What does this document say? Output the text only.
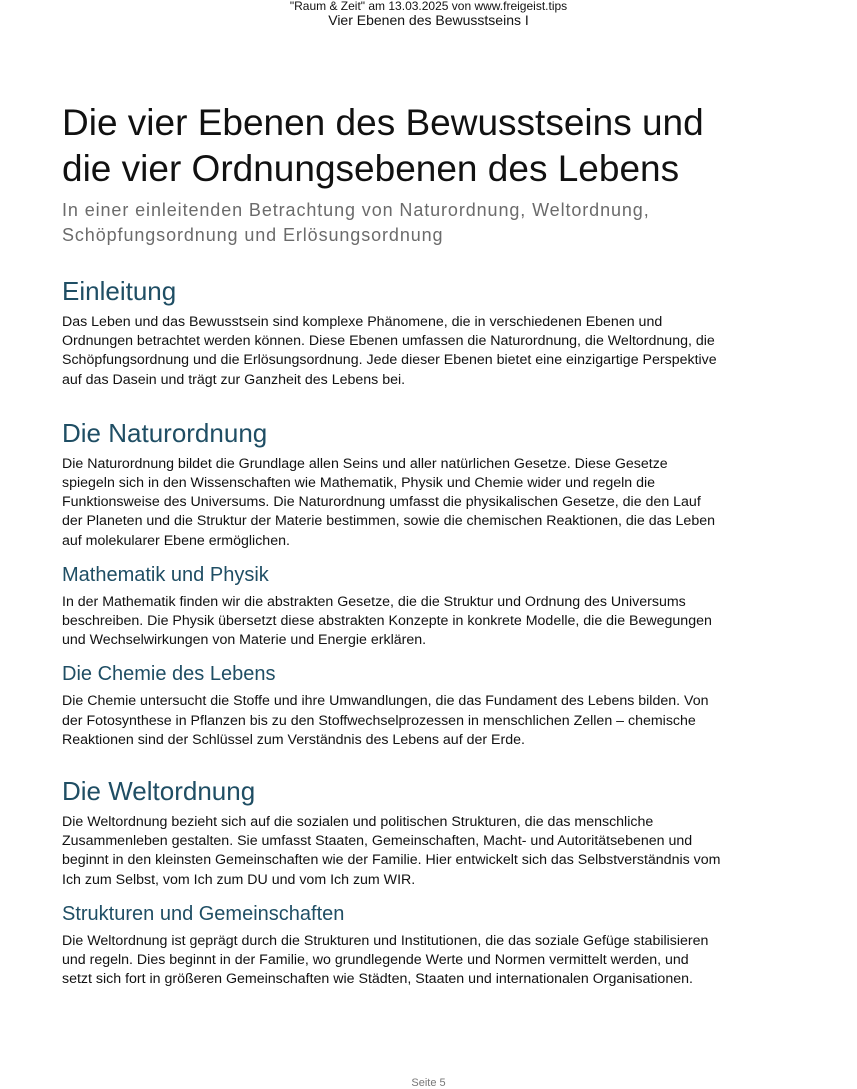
"Raum & Zeit" am 13.03.2025 von www.freigeist.tips
Vier Ebenen des Bewusstseins I
Die vier Ebenen des Bewusstseins und
die vier Ordnungsebenen des Lebens
In einer einleitenden Betrachtung von Naturordnung, Weltordnung,
Schöpfungsordnung und Erlösungsordnung
Einleitung

Das Leben und das Bewusstsein sind komplexe Phänomene, die in verschiedenen Ebenen und Ordnungen betrachtet werden können. Diese Ebenen umfassen die Naturordnung, die Weltordnung, die Schöpfungsordnung und die Erlösungsordnung. Jede dieser Ebenen bietet eine einzigartige Perspektive auf das Dasein und trägt zur Ganzheit des Lebens bei.

Die Naturordnung

Die Naturordnung bildet die Grundlage allen Seins und aller natürlichen Gesetze. Diese Gesetze spiegeln sich in den Wissenschaften wie Mathematik, Physik und Chemie wider und regeln die Funktionsweise des Universums. Die Naturordnung umfasst die physikalischen Gesetze, die den Lauf der Planeten und die Struktur der Materie bestimmen, sowie die chemischen Reaktionen, die das Leben auf molekularer Ebene ermöglichen.

Mathematik und Physik

In der Mathematik finden wir die abstrakten Gesetze, die die Struktur und Ordnung des Universums beschreiben. Die Physik übersetzt diese abstrakten Konzepte in konkrete Modelle, die die Bewegungen und Wechselwirkungen von Materie und Energie erklären.

Die Chemie des Lebens

Die Chemie untersucht die Stoffe und ihre Umwandlungen, die das Fundament des Lebens bilden. Von der Fotosynthese in Pflanzen bis zu den Stoffwechselprozessen in menschlichen Zellen – chemische Reaktionen sind der Schlüssel zum Verständnis des Lebens auf der Erde.

Die Weltordnung

Die Weltordnung bezieht sich auf die sozialen und politischen Strukturen, die das menschliche Zusammenleben gestalten. Sie umfasst Staaten, Gemeinschaften, Macht- und Autoritätsebenen und beginnt in den kleinsten Gemeinschaften wie der Familie. Hier entwickelt sich das Selbstverständnis vom Ich zum Selbst, vom Ich zum DU und vom Ich zum WIR.

Strukturen und Gemeinschaften

Die Weltordnung ist geprägt durch die Strukturen und Institutionen, die das soziale Gefüge stabilisieren und regeln. Dies beginnt in der Familie, wo grundlegende Werte und Normen vermittelt werden, und setzt sich fort in größeren Gemeinschaften wie Städten, Staaten und internationalen Organisationen.

Seite 5
